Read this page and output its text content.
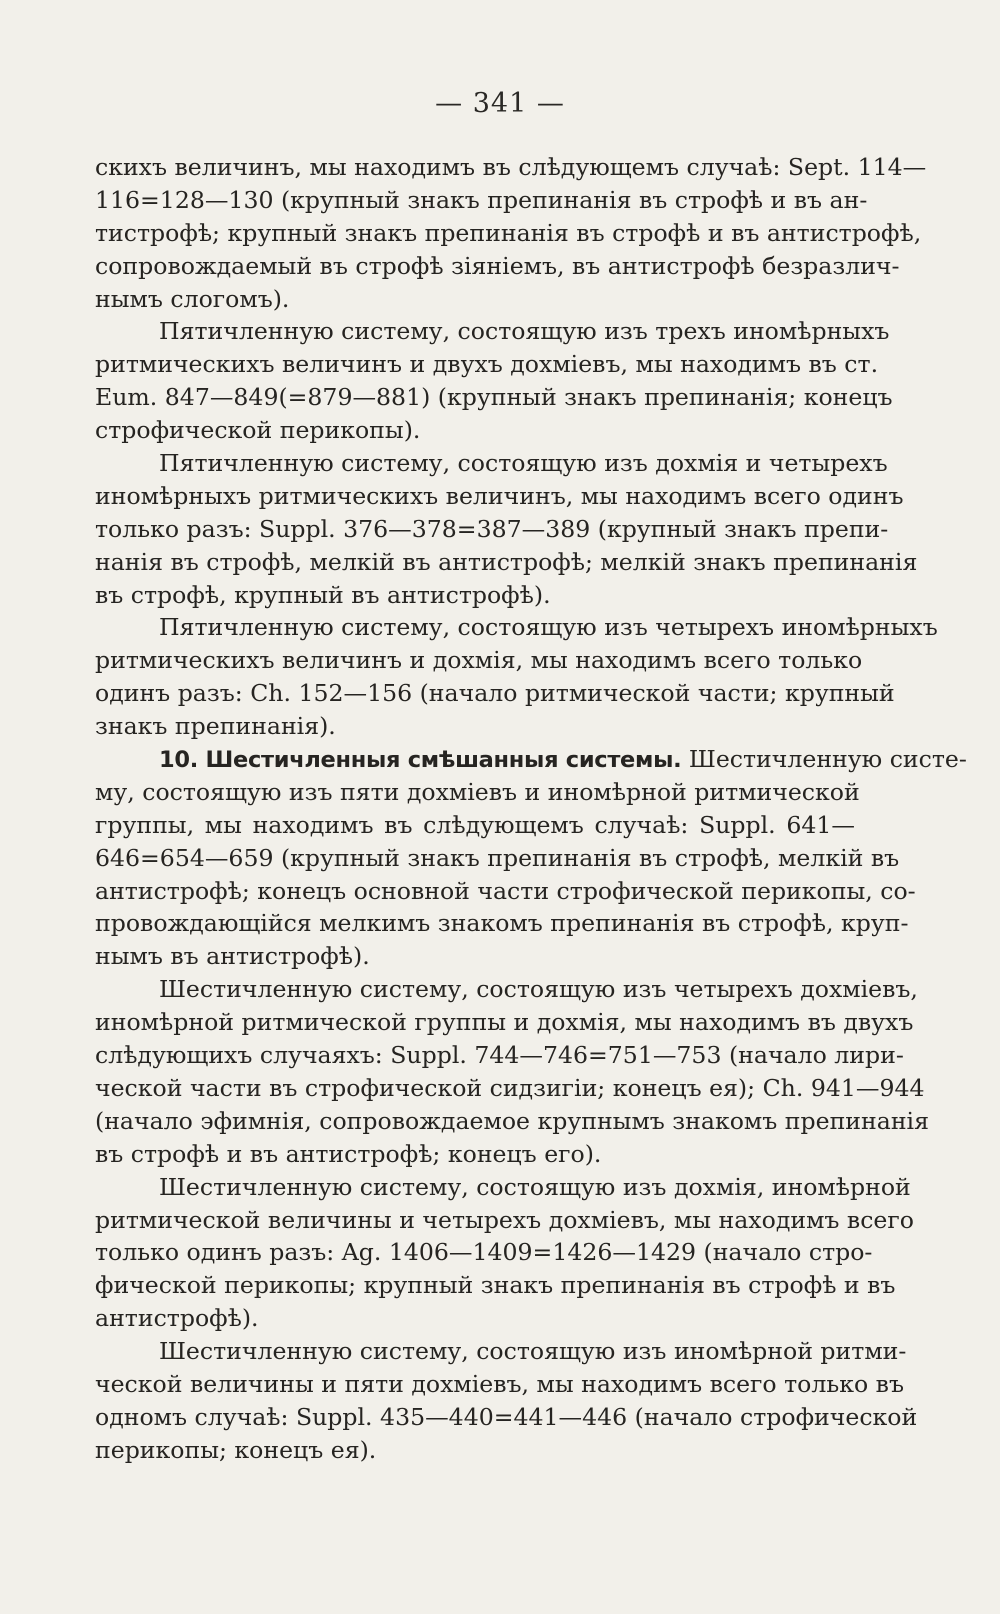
— 341 —
скихъ величинъ, мы находимъ въ слѣдующемъ случаѣ: Sept. 114—
116=128—130 (крупный знакъ препинанія въ строфѣ и въ ан-
тистрофѣ; крупный знакъ препинанія въ строфѣ и въ антистрофѣ,
сопровождаемый въ строфѣ зіяніемъ, въ антистрофѣ безразлич-
нымъ слогомъ).
Пятичленную систему, состоящую изъ трехъ иномѣрныхъ
ритмическихъ величинъ и двухъ дохміевъ, мы находимъ въ ст.
Eum. 847—849(=879—881) (крупный знакъ препинанія; конецъ
строфической перикопы).
Пятичленную систему, состоящую изъ дохмія и четырехъ
иномѣрныхъ ритмическихъ величинъ, мы находимъ всего одинъ
только разъ: Suppl. 376—378=387—389 (крупный знакъ препи-
нанія въ строфѣ, мелкій въ антистрофѣ; мелкій знакъ препинанія
въ строфѣ, крупный въ антистрофѣ).
Пятичленную систему, состоящую изъ четырехъ иномѣрныхъ
ритмическихъ величинъ и дохмія, мы находимъ всего только
одинъ разъ: Ch. 152—156 (начало ритмической части; крупный
знакъ препинанія).
10. Шестичленныя смѣшанныя системы. Шестичленную систе-
му, состоящую изъ пяти дохміевъ и иномѣрной ритмической
группы, мы находимъ въ слѣдующемъ случаѣ: Suppl. 641—
646=654—659 (крупный знакъ препинанія въ строфѣ, мелкій въ
антистрофѣ; конецъ основной части строфической перикопы, со-
провождающійся мелкимъ знакомъ препинанія въ строфѣ, круп-
нымъ въ антистрофѣ).
Шестичленную систему, состоящую изъ четырехъ дохміевъ,
иномѣрной ритмической группы и дохмія, мы находимъ въ двухъ
слѣдующихъ случаяхъ: Suppl. 744—746=751—753 (начало лири-
ческой части въ строфической сидзигіи; конецъ ея); Ch. 941—944
(начало эфимнія, сопровождаемое крупнымъ знакомъ препинанія
въ строфѣ и въ антистрофѣ; конецъ его).
Шестичленную систему, состоящую изъ дохмія, иномѣрной
ритмической величины и четырехъ дохміевъ, мы находимъ всего
только одинъ разъ: Ag. 1406—1409=1426—1429 (начало стро-
фической перикопы; крупный знакъ препинанія въ строфѣ и въ
антистрофѣ).
Шестичленную систему, состоящую изъ иномѣрной ритми-
ческой величины и пяти дохміевъ, мы находимъ всего только въ
одномъ случаѣ: Suppl. 435—440=441—446 (начало строфической
перикопы; конецъ ея).
